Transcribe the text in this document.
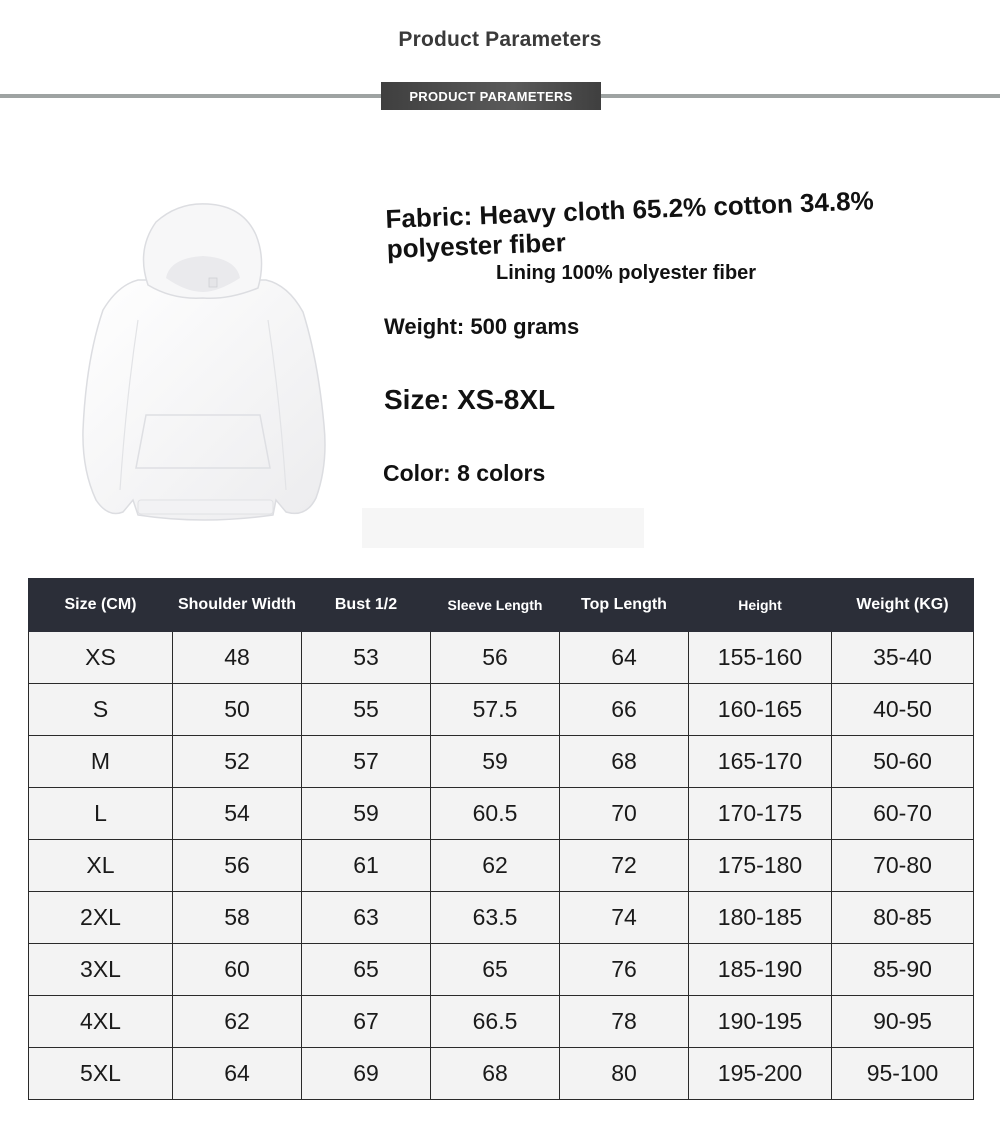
Product Parameters
PRODUCT PARAMETERS
Fabric: Heavy cloth 65.2% cotton 34.8%
polyester fiber
Lining 100% polyester fiber
Weight: 500 grams
Size: XS-8XL
Color: 8 colors
Size (CM)	Shoulder Width	Bust 1/2	Sleeve Length	Top Length	Height	Weight (KG)
XS	48	53	56	64	155-160	35-40
S	50	55	57.5	66	160-165	40-50
M	52	57	59	68	165-170	50-60
L	54	59	60.5	70	170-175	60-70
XL	56	61	62	72	175-180	70-80
2XL	58	63	63.5	74	180-185	80-85
3XL	60	65	65	76	185-190	85-90
4XL	62	67	66.5	78	190-195	90-95
5XL	64	69	68	80	195-200	95-100
